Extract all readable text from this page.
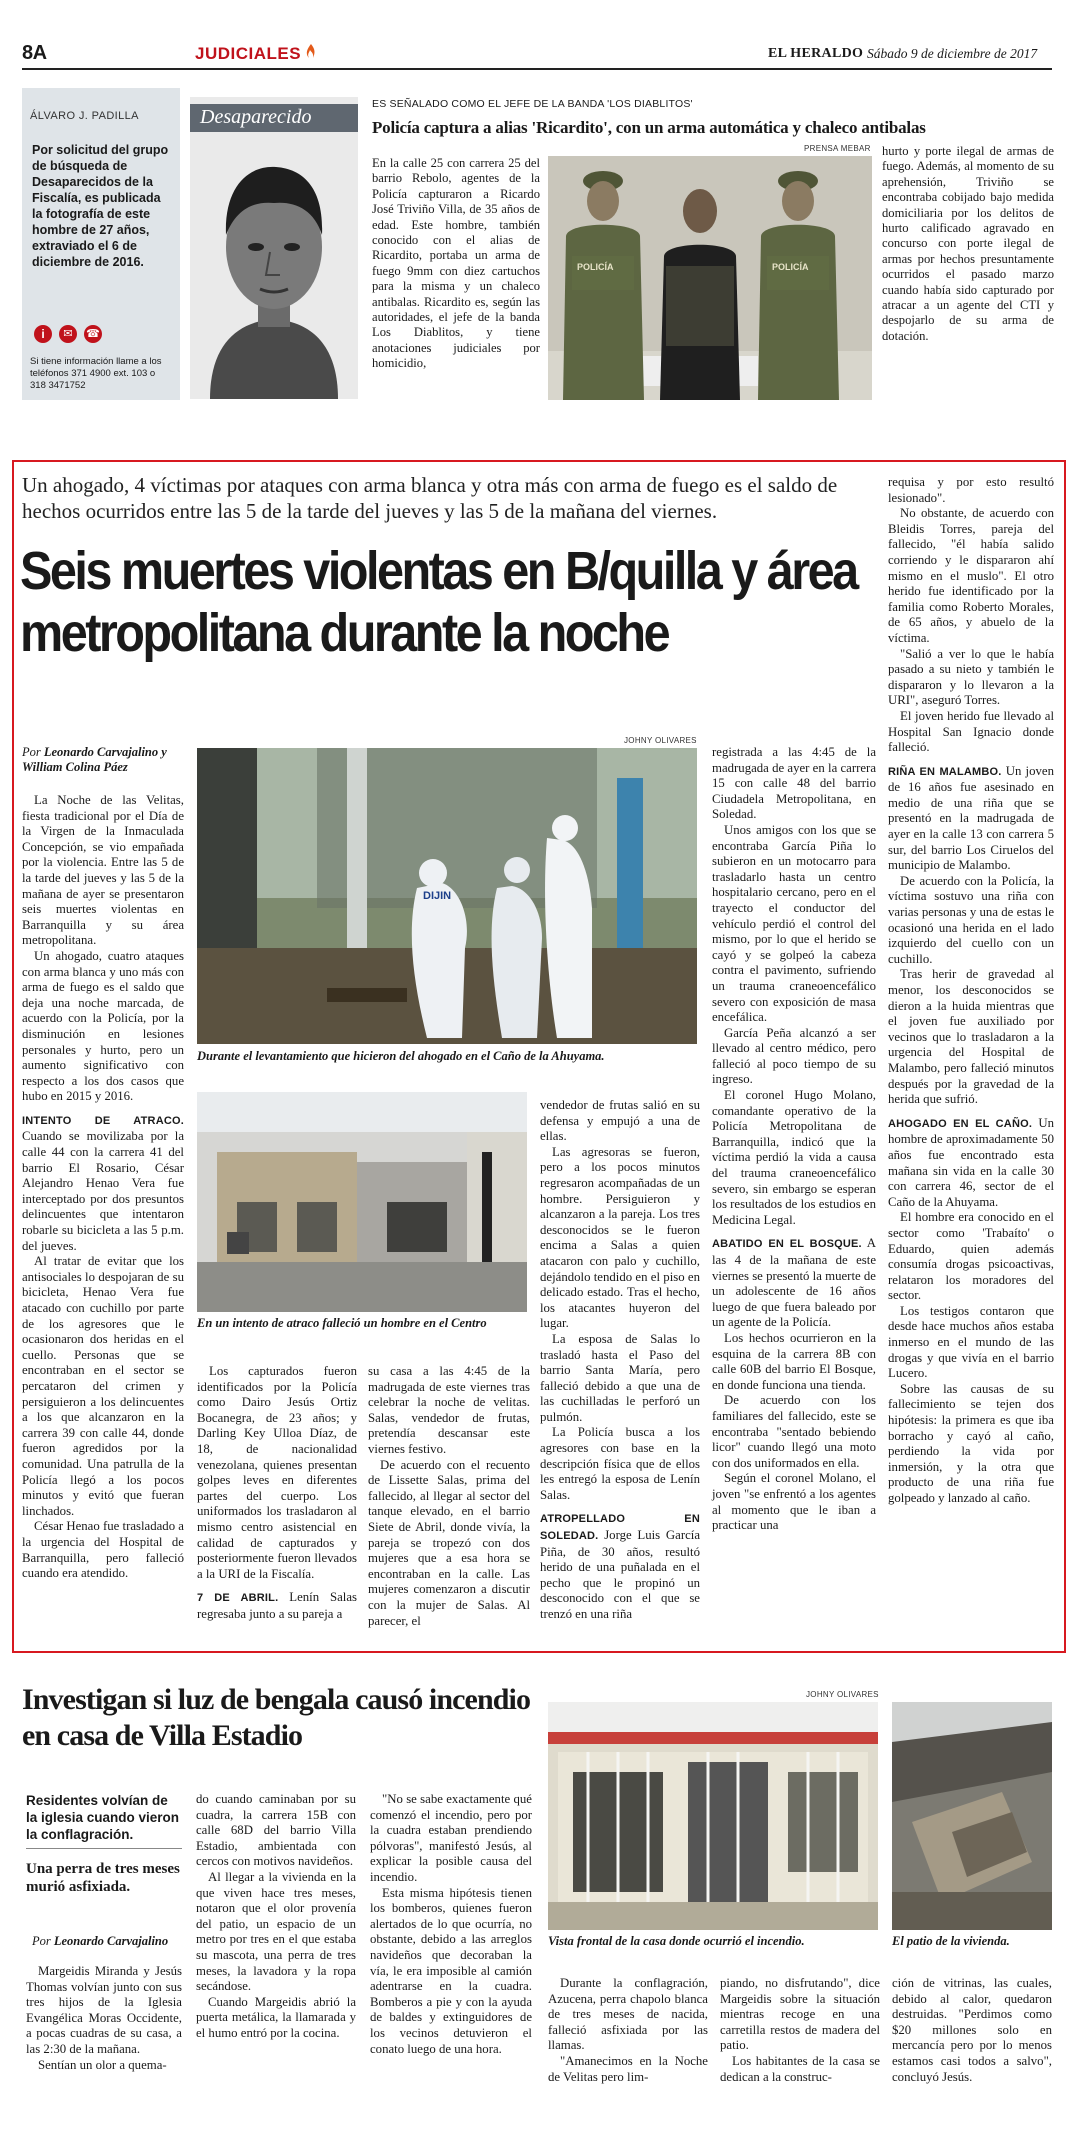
8A	JUDICIALES	EL HERALDO Sábado 9 de diciembre de 2017
ÁLVARO J. PADILLA
Por solicitud del grupo de búsqueda de Desaparecidos de la Fiscalía, es publicada la fotografía de este hombre de 27 años, extraviado el 6 de diciembre de 2016.
i	✉	☎
Si tiene información llame a los teléfonos 371 4900 ext. 103 o 318 3471752
Desaparecido
ES SEÑALADO COMO EL JEFE DE LA BANDA 'LOS DIABLITOS'
Policía captura a alias 'Ricardito', con un arma automática y chaleco antibalas
PRENSA MEBAR

En la calle 25 con carrera 25 del barrio Rebolo, agentes de la Policía capturaron a Ricardo José Triviño Villa, de 35 años de edad. Este hombre, también conocido con el alias de Ricardito, portaba un arma de fuego 9mm con diez cartuchos para la misma y un chaleco antibalas. Ricardito es, según las autoridades, el jefe de la banda Los Diablitos, y tiene anotaciones judiciales por homicidio,

POLICÍA	POLICÍA

hurto y porte ilegal de armas de fuego. Además, al momento de su aprehensión, Triviño se encontraba cobijado bajo medida domiciliaria por los delitos de hurto calificado agravado en concurso con porte ilegal de armas por hechos presuntamente ocurridos el pasado marzo cuando había sido capturado por atracar a un agente del CTI y despojarlo de su arma de dotación.

Un ahogado, 4 víctimas por ataques con arma blanca y otra más con arma de fuego es el saldo de hechos ocurridos entre las 5 de la tarde del jueves y las 5 de la mañana del viernes.
Seis muertes violentas en B/quilla y área metropolitana durante la noche
Por Leonardo Carvajalino y William Colina Páez

La Noche de las Velitas, fiesta tradicional por el Día de la Virgen de la Inmaculada Concepción, se vio empañada por la violencia. Entre las 5 de la tarde del jueves y las 5 de la mañana de ayer se presentaron seis muertes violentas en Barranquilla y su área metropolitana.

Un ahogado, cuatro ataques con arma blanca y uno más con arma de fuego es el saldo que deja una noche marcada, de acuerdo con la Policía, por la disminución en lesiones personales y hurto, pero un aumento significativo con respecto a los dos casos que hubo en 2015 y 2016.

INTENTO DE ATRACO. Cuando se movilizaba por la calle 44 con la carrera 41 del barrio El Rosario, César Alejandro Henao Vera fue interceptado por dos presuntos delincuentes que intentaron robarle su bicicleta a las 5 p.m. del jueves.

Al tratar de evitar que los antisociales lo despojaran de su bicicleta, Henao Vera fue atacado con cuchillo por parte de los agresores que le ocasionaron dos heridas en el cuello. Personas que se encontraban en el sector se percataron del crimen y persiguieron a los delincuentes a los que alcanzaron en la carrera 39 con calle 44, donde fueron agredidos por la comunidad. Una patrulla de la Policía llegó a los pocos minutos y evitó que fueran linchados.

César Henao fue trasladado a la urgencia del Hospital de Barranquilla, pero falleció cuando era atendido.

JOHNY OLIVARES
DIJIN
Durante el levantamiento que hicieron del ahogado en el Caño de la Ahuyama.
En un intento de atraco falleció un hombre en el Centro

Los capturados fueron identificados por la Policía como Dairo Jesús Ortiz Bocanegra, de 23 años; y Darling Key Ulloa Díaz, de 18, de nacionalidad venezolana, quienes presentan golpes leves en diferentes partes del cuerpo. Los uniformados los trasladaron al mismo centro asistencial en calidad de capturados y posteriormente fueron llevados a la URI de la Fiscalía.

7 DE ABRIL. Lenín Salas regresaba junto a su pareja a

su casa a las 4:45 de la madrugada de este viernes tras celebrar la noche de velitas. Salas, vendedor de frutas, pretendía descansar este viernes festivo.

De acuerdo con el recuento de Lissette Salas, prima del fallecido, al llegar al sector del tanque elevado, en el barrio Siete de Abril, donde vivía, la pareja se tropezó con dos mujeres que a esa hora se encontraban en la calle. Las mujeres comenzaron a discutir con la mujer de Salas. Al parecer, el

vendedor de frutas salió en su defensa y empujó a una de ellas.

Las agresoras se fueron, pero a los pocos minutos regresaron acompañadas de un hombre. Persiguieron y alcanzaron a la pareja. Los tres desconocidos se le fueron encima a Salas a quien atacaron con palo y cuchillo, dejándolo tendido en el piso en delicado estado. Tras el hecho, los atacantes huyeron del lugar.

La esposa de Salas lo trasladó hasta el Paso del barrio Santa María, pero falleció debido a que una de las cuchilladas le perforó un pulmón.

La Policía busca a los agresores con base en la descripción física que de ellos les entregó la esposa de Lenín Salas.

ATROPELLADO EN SOLEDAD. Jorge Luis García Piña, de 30 años, resultó herido de una puñalada en el pecho que le propinó un desconocido con el que se trenzó en una riña

registrada a las 4:45 de la madrugada de ayer en la carrera 15 con calle 48 del barrio Ciudadela Metropolitana, en Soledad.

Unos amigos con los que se encontraba García Piña lo subieron en un motocarro para trasladarlo hasta un centro hospitalario cercano, pero en el trayecto el conductor del vehículo perdió el control del mismo, por lo que el herido se cayó y se golpeó la cabeza contra el pavimento, sufriendo un trauma craneoencefálico severo con exposición de masa encefálica.

García Peña alcanzó a ser llevado al centro médico, pero falleció al poco tiempo de su ingreso.

El coronel Hugo Molano, comandante operativo de la Policía Metropolitana de Barranquilla, indicó que la víctima perdió la vida a causa del trauma craneoencefálico severo, sin embargo se esperan los resultados de los estudios en Medicina Legal.

ABATIDO EN EL BOSQUE. A las 4 de la mañana de este viernes se presentó la muerte de un adolescente de 16 años luego de que fuera baleado por un agente de la Policía.

Los hechos ocurrieron en la esquina de la carrera 8B con calle 60B del barrio El Bosque, en donde funciona una tienda.

De acuerdo con los familiares del fallecido, este se encontraba "sentado bebiendo licor" cuando llegó una moto con dos uniformados en ella.

Según el coronel Molano, el joven "se enfrentó a los agentes al momento que le iban a practicar una

requisa y por esto resultó lesionado".

No obstante, de acuerdo con Bleidis Torres, pareja del fallecido, "él había salido corriendo y le dispararon ahí mismo en el muslo". El otro herido fue identificado por la familia como Roberto Morales, de 65 años, y abuelo de la víctima.

"Salió a ver lo que le había pasado a su nieto y también le dispararon y lo llevaron a la URI", aseguró Torres.

El joven herido fue llevado al Hospital San Ignacio donde falleció.

RIÑA EN MALAMBO. Un joven de 16 años fue asesinado en medio de una riña que se presentó en la madrugada de ayer en la calle 13 con carrera 5 sur, del barrio Los Ciruelos del municipio de Malambo.

De acuerdo con la Policía, la víctima sostuvo una riña con varias personas y una de estas le ocasionó una herida en el lado izquierdo del cuello con un cuchillo.

Tras herir de gravedad al menor, los desconocidos se dieron a la huida mientras que el joven fue auxiliado por vecinos que lo trasladaron a la urgencia del Hospital de Malambo, pero falleció minutos después por la gravedad de la herida que sufrió.

AHOGADO EN EL CAÑO. Un hombre de aproximadamente 50 años fue encontrado esta mañana sin vida en la calle 30 con carrera 46, sector de el Caño de la Ahuyama.

El hombre era conocido en el sector como 'Trabaíto' o Eduardo, quien además consumía drogas psicoactivas, relataron los moradores del sector.

Los testigos contaron que desde hace muchos años estaba inmerso en el mundo de las drogas y que vivía en el barrio Lucero.

Sobre las causas de su fallecimiento se tejen dos hipótesis: la primera es que iba borracho y cayó al caño, perdiendo la vida por inmersión, y la otra que producto de una riña fue golpeado y lanzado al caño.

Investigan si luz de bengala causó incendio en casa de Villa Estadio
Residentes volvían de la iglesia cuando vieron la conflagración.
Una perra de tres meses murió asfixiada.
Por Leonardo Carvajalino

Margeidis Miranda y Jesús Thomas volvían junto con sus tres hijos de la Iglesia Evangélica Moras Occidente, a pocas cuadras de su casa, a las 2:30 de la mañana.

Sentían un olor a quema-

do cuando caminaban por su cuadra, la carrera 15B con calle 68D del barrio Villa Estadio, ambientada con cercos con motivos navideños.

Al llegar a la vivienda en la que viven hace tres meses, notaron que el olor provenía del patio, un espacio de un metro por tres en el que estaba su mascota, una perra de tres meses, la lavadora y la ropa secándose.

Cuando Margeidis abrió la puerta metálica, la llamarada y el humo entró por la cocina.

"No se sabe exactamente qué comenzó el incendio, pero por la cuadra estaban prendiendo pólvoras", manifestó Jesús, al explicar la posible causa del incendio.

Esta misma hipótesis tienen los bomberos, quienes fueron alertados de lo que ocurría, no obstante, debido a las arreglos navideños que decoraban la vía, le era imposible al camión adentrarse en la cuadra. Bomberos a pie y con la ayuda de baldes y extinguidores de los vecinos detuvieron el conato luego de una hora.

JOHNY OLIVARES
Vista frontal de la casa donde ocurrió el incendio.	El patio de la vivienda.

Durante la conflagración, Azucena, perra chapolo blanca de tres meses de nacida, falleció asfixiada por las llamas.

"Amanecimos en la Noche de Velitas pero lim-

piando, no disfrutando", dice Margeidis sobre la situación mientras recoge en una carretilla restos de madera del patio.

Los habitantes de la casa se dedican a la construc-

ción de vitrinas, las cuales, debido al calor, quedaron destruidas. "Perdimos como $20 millones solo en mercancía pero por lo menos estamos casi todos a salvo", concluyó Jesús.
